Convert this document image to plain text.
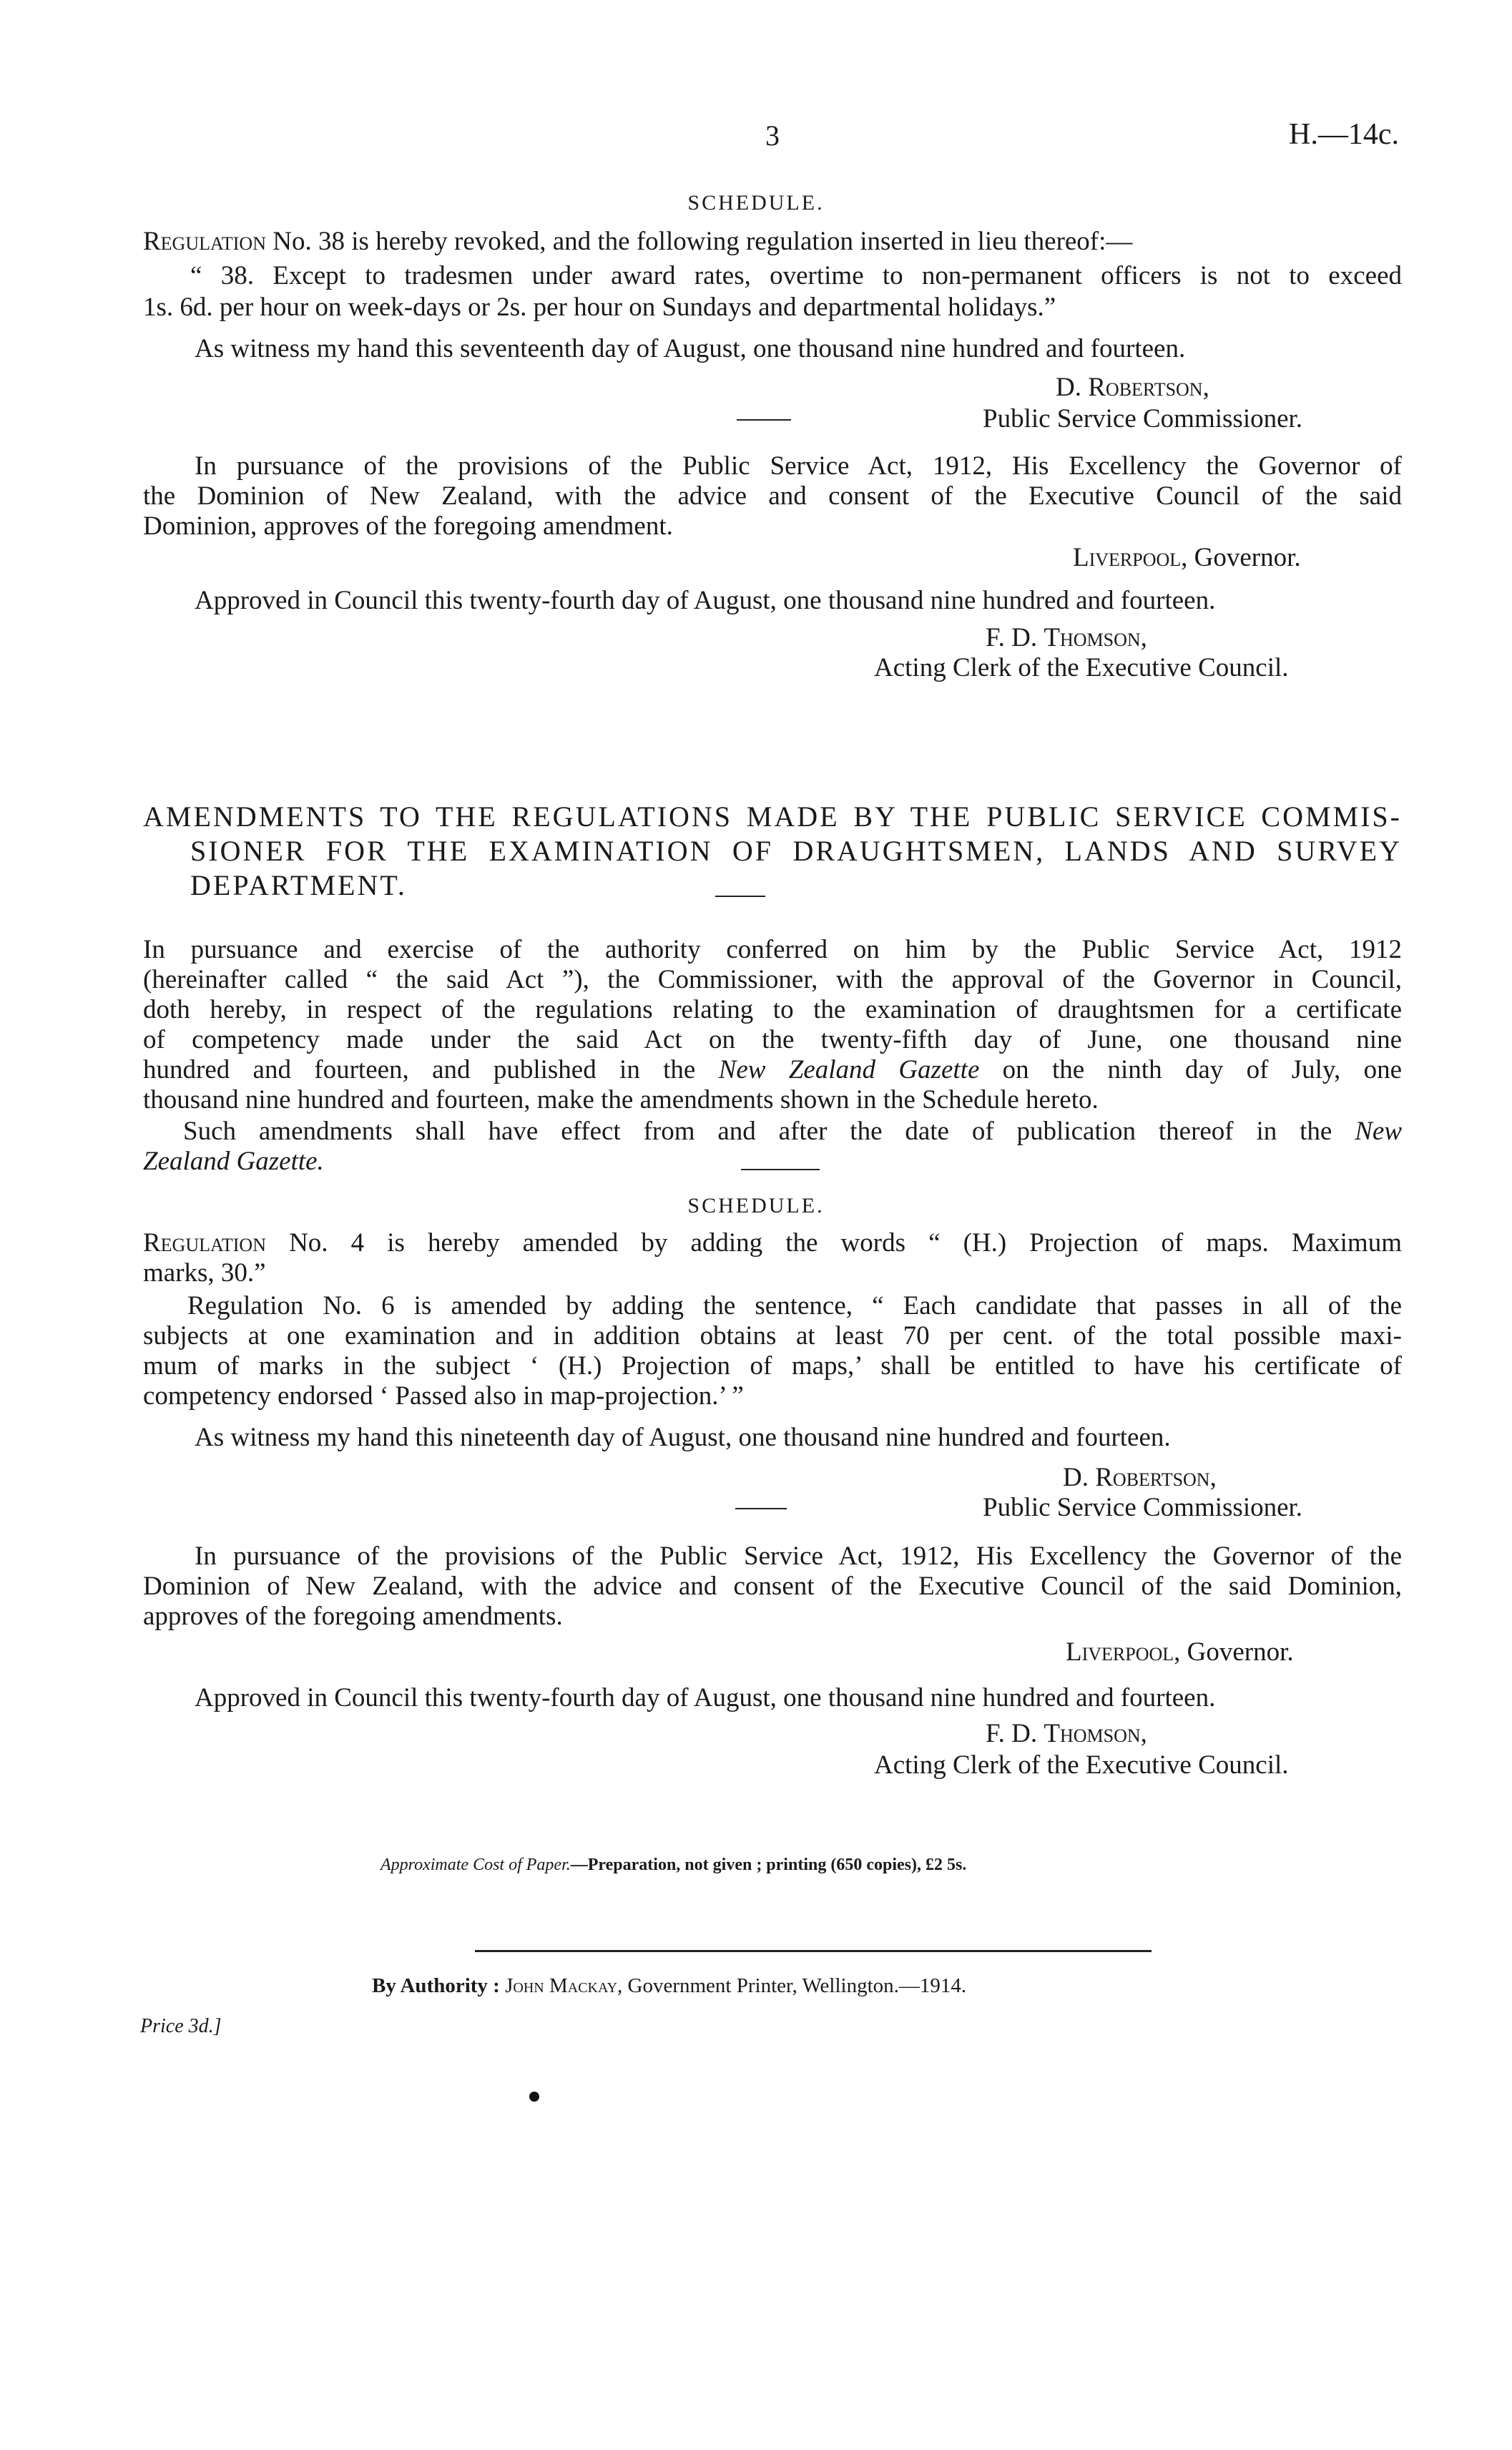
3	H.—14c.
SCHEDULE.
Regulation No. 38 is hereby revoked, and the following regulation inserted in lieu thereof:—
“ 38. Except to tradesmen under award rates, overtime to non-permanent officers is not to exceed
1s. 6d. per hour on week-days or 2s. per hour on Sundays and departmental holidays.”
As witness my hand this seventeenth day of August, one thousand nine hundred and fourteen.
D. Robertson,
Public Service Commissioner.
In pursuance of the provisions of the Public Service Act, 1912, His Excellency the Governor of
the Dominion of New Zealand, with the advice and consent of the Executive Council of the said
Dominion, approves of the foregoing amendment.
Liverpool, Governor.
Approved in Council this twenty-fourth day of August, one thousand nine hundred and fourteen.
F. D. Thomson,
Acting Clerk of the Executive Council.
AMENDMENTS TO THE REGULATIONS MADE BY THE PUBLIC SERVICE COMMIS-
SIONER FOR THE EXAMINATION OF DRAUGHTSMEN, LANDS AND SURVEY
DEPARTMENT.
In pursuance and exercise of the authority conferred on him by the Public Service Act, 1912
(hereinafter called “ the said Act ”), the Commissioner, with the approval of the Governor in Council,
doth hereby, in respect of the regulations relating to the examination of draughtsmen for a certificate
of competency made under the said Act on the twenty-fifth day of June, one thousand nine
hundred and fourteen, and published in the New Zealand Gazette on the ninth day of July, one
thousand nine hundred and fourteen, make the amendments shown in the Schedule hereto.
Such amendments shall have effect from and after the date of publication thereof in the New
Zealand Gazette.
SCHEDULE.
Regulation No. 4 is hereby amended by adding the words “ (H.) Projection of maps. Maximum
marks, 30.”
Regulation No. 6 is amended by adding the sentence, “ Each candidate that passes in all of the
subjects at one examination and in addition obtains at least 70 per cent. of the total possible maxi-
mum of marks in the subject ‘ (H.) Projection of maps,’ shall be entitled to have his certificate of
competency endorsed ‘ Passed also in map-projection.’ ”
As witness my hand this nineteenth day of August, one thousand nine hundred and fourteen.
D. Robertson,
Public Service Commissioner.
In pursuance of the provisions of the Public Service Act, 1912, His Excellency the Governor of the
Dominion of New Zealand, with the advice and consent of the Executive Council of the said Dominion,
approves of the foregoing amendments.
Liverpool, Governor.
Approved in Council this twenty-fourth day of August, one thousand nine hundred and fourteen.
F. D. Thomson,
Acting Clerk of the Executive Council.
Approximate Cost of Paper.—Preparation, not given ; printing (650 copies), £2 5s.
By Authority : John Mackay, Government Printer, Wellington.—1914.
Price 3d.]
